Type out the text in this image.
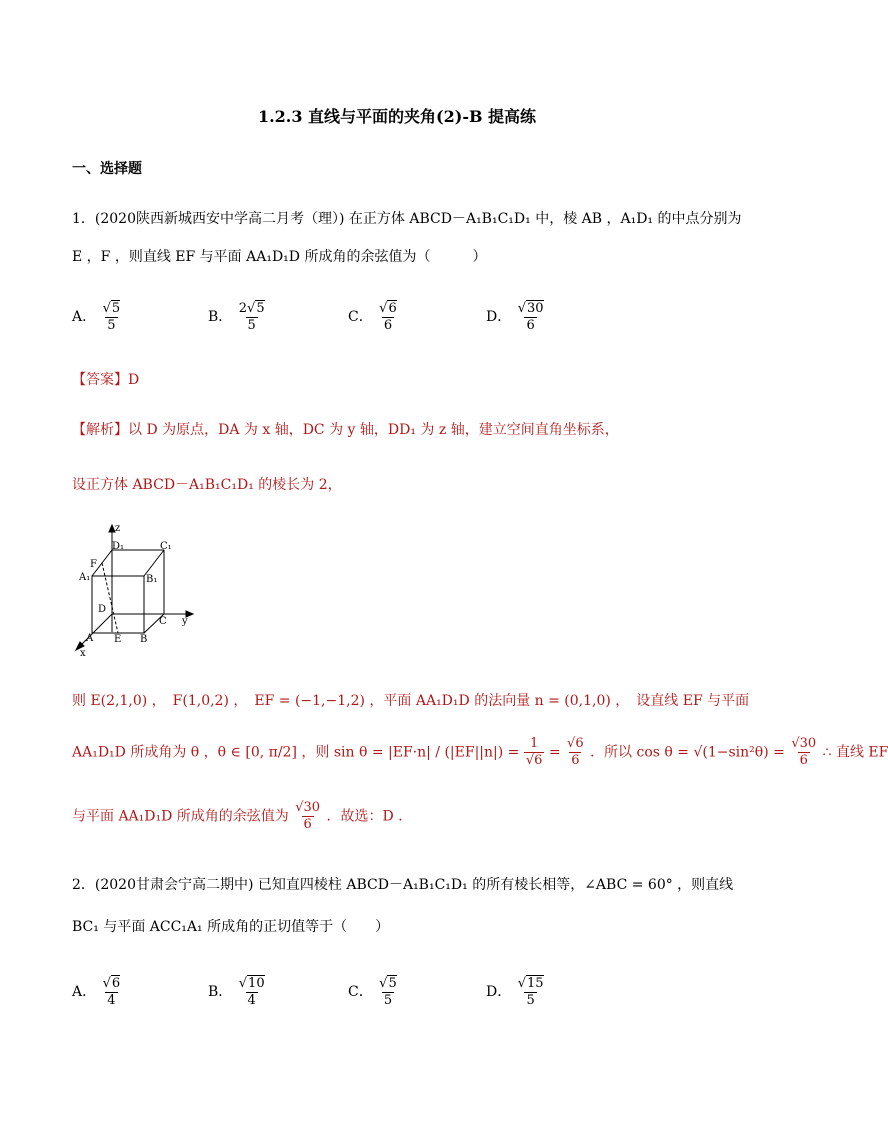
1.2.3 直线与平面的夹角(2)-B 提高练
一、选择题
1．(2020陕西新城西安中学高二月考（理）) 在正方体 ABCD－A₁B₁C₁D₁ 中，棱 AB ，A₁D₁ 的中点分别为
E ，F ，则直线 EF 与平面 AA₁D₁D 所成角的余弦值为（　　　）
A． $\frac{√5}{5}$	B． $\frac{2√5}{5}$	C． $\frac{√6}{6}$	D． $\frac{√30}{6}$
【答案】D
【解析】以 D 为原点，DA 为 x 轴，DC 为 y 轴，DD₁ 为 z 轴，建立空间直角坐标系，
设正方体 ABCD－A₁B₁C₁D₁ 的棱长为 2，
z
y
x
D₁	C₁
F
A₁	B₁
D
C
A E B
则 E(2,1,0) ，　F(1,0,2) ，　EF = (−1,−1,2) ，平面 AA₁D₁D 的法向量 n = (0,1,0) ，　设直线 EF 与平面
AA₁D₁D 所成角为 θ ，θ ∈ [0, π/2] ，则 $\sin \theta = |EF\cdot n| / (|EF||n|) = \frac{1}{√6} = \frac{√6}{6}$ ．所以 $\cos \theta = √(1-\sin^2\theta) = \frac{√30}{6}$ ∴ 直线 EF
与平面 AA₁D₁D 所成角的余弦值为 $\frac{√30}{6}$ ．故选：D ．
2．(2020甘肃会宁高二期中) 已知直四棱柱 ABCD－A₁B₁C₁D₁ 的所有棱长相等，∠ABC = 60° ，则直线
BC₁ 与平面 ACC₁A₁ 所成角的正切值等于（　　）
A． $\frac{√6}{4}$	B． $\frac{√10}{4}$	C． $\frac{√5}{5}$	D． $\frac{√15}{5}$
